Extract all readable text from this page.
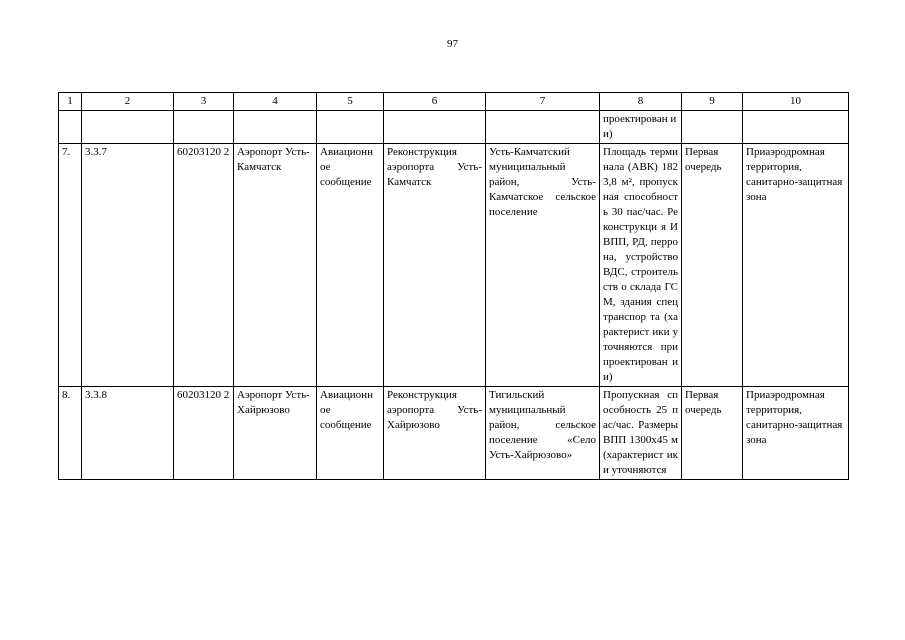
97
1	2	3	4	5	6	7	8	9	10
							проектирован ии)		
7.	3.3.7	60203120 2	Аэропорт Усть-Камчатск	Авиационн ое сообщение	Реконструкция аэропорта Усть-Камчатск	Усть-Камчатский муниципальный район, Усть-Камчатское сельское поселение	Площадь терминала (АВК) 1823,8 м², пропускная способность 30 пас/час. Реконструкци я ИВПП, РД, перрона, устройство ВДС, строительств о склада ГСМ, здания спецтранспор та (характерист ики уточняются при проектирован ии)	Первая очередь	Приаэродромная территория, санитарно-защитная зона
8.	3.3.8	60203120 2	Аэропорт Усть-Хайрюзово	Авиационн ое сообщение	Реконструкция аэропорта Усть-Хайрюзово	Тигильский муниципальный район, сельское поселение «Село Усть-Хайрюзово»	Пропускная способность 25 пас/час. Размеры ВПП 1300х45 м (характерист ики уточняются	Первая очередь	Приаэродромная территория, санитарно-защитная зона
